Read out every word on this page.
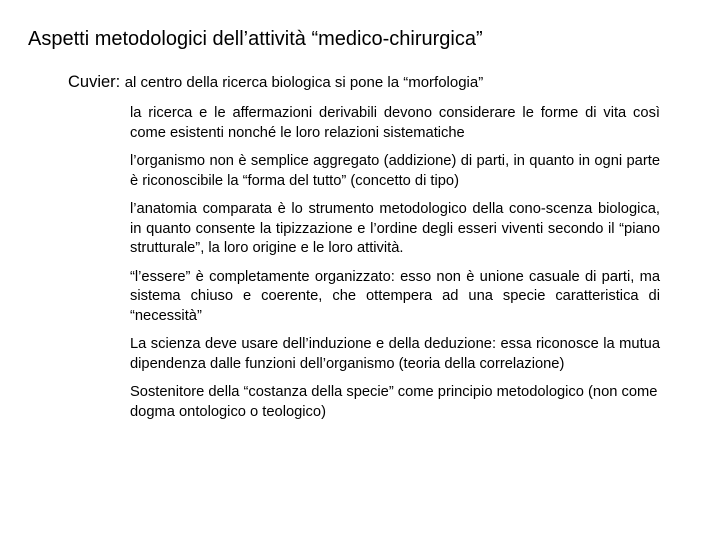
Aspetti metodologici dell’attività “medico-chirurgica”
Cuvier: al centro della ricerca biologica si pone la “morfologia”
la ricerca e le affermazioni derivabili devono considerare le forme di vita così come esistenti nonché le loro relazioni sistematiche
l’organismo non è semplice aggregato (addizione) di parti, in quanto in ogni parte è riconoscibile la “forma del tutto” (concetto di tipo)
l’anatomia comparata è lo strumento metodologico della cono-scenza biologica, in quanto consente la tipizzazione e l’ordine degli esseri viventi secondo il “piano strutturale”, la loro origine e le loro attività.
“l’essere” è completamente organizzato: esso non è unione casuale di parti, ma sistema chiuso e coerente, che ottempera ad una specie caratteristica di “necessità”
La scienza deve usare dell’induzione e della deduzione: essa riconosce la mutua dipendenza dalle funzioni dell’organismo (teoria della correlazione)
Sostenitore della “costanza della specie” come principio metodologico (non come dogma ontologico o teologico)
